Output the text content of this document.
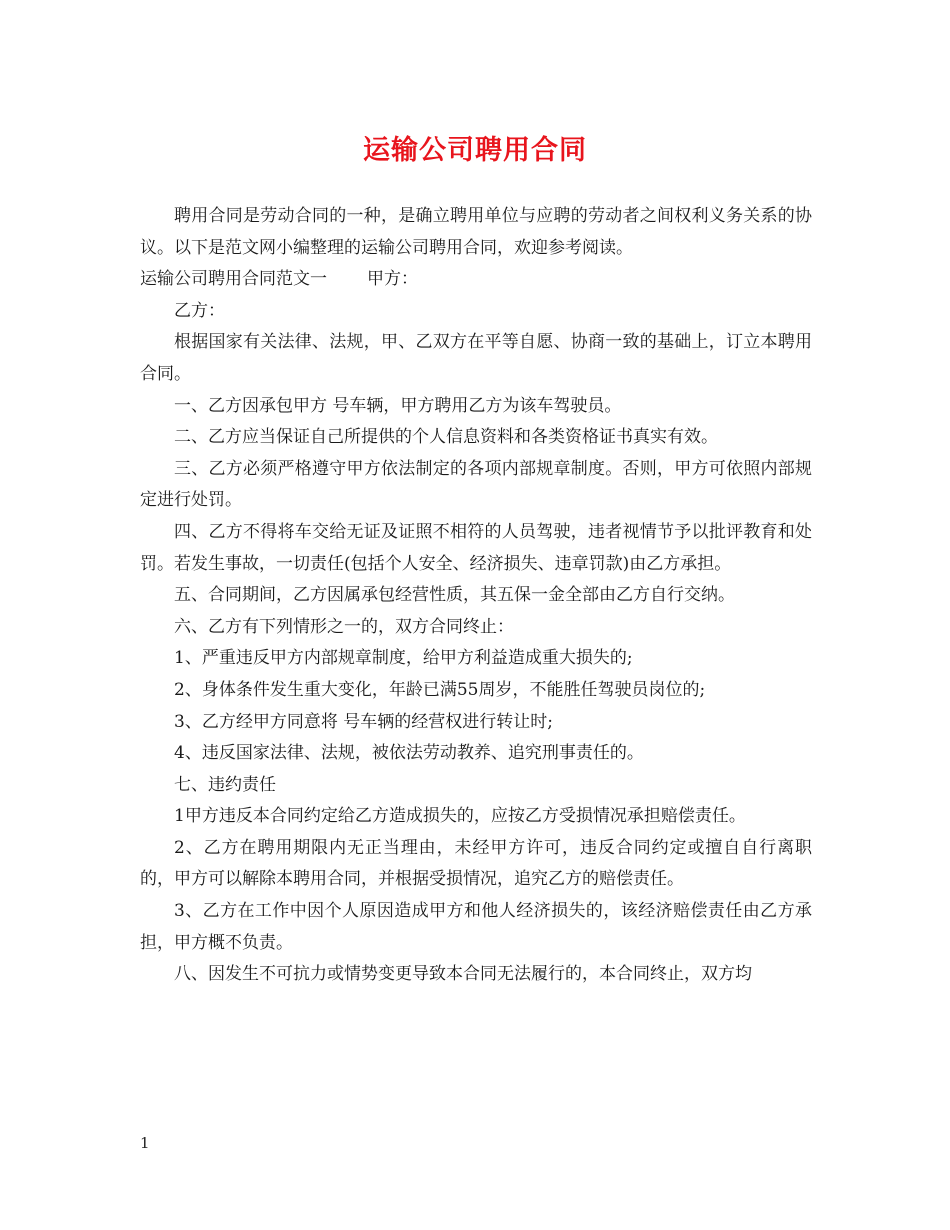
运输公司聘用合同

聘用合同是劳动合同的一种，是确立聘用单位与应聘的劳动者之间权利义务关系的协议。以下是范文网小编整理的运输公司聘用合同，欢迎参考阅读。

运输公司聘用合同范文一 甲方：

乙方：

根据国家有关法律、法规，甲、乙双方在平等自愿、协商一致的基础上，订立本聘用合同。

一、乙方因承包甲方 号车辆，甲方聘用乙方为该车驾驶员。

二、乙方应当保证自己所提供的个人信息资料和各类资格证书真实有效。

三、乙方必须严格遵守甲方依法制定的各项内部规章制度。否则，甲方可依照内部规定进行处罚。

四、乙方不得将车交给无证及证照不相符的人员驾驶，违者视情节予以批评教育和处罚。若发生事故，一切责任(包括个人安全、经济损失、违章罚款)由乙方承担。

五、合同期间，乙方因属承包经营性质，其五保一金全部由乙方自行交纳。

六、乙方有下列情形之一的，双方合同终止：

1、严重违反甲方内部规章制度，给甲方利益造成重大损失的;

2、身体条件发生重大变化，年龄已满55周岁，不能胜任驾驶员岗位的;

3、乙方经甲方同意将 号车辆的经营权进行转让时;

4、违反国家法律、法规，被依法劳动教养、追究刑事责任的。

七、违约责任

1甲方违反本合同约定给乙方造成损失的，应按乙方受损情况承担赔偿责任。

2、乙方在聘用期限内无正当理由，未经甲方许可，违反合同约定或擅自自行离职的，甲方可以解除本聘用合同，并根据受损情况，追究乙方的赔偿责任。

3、乙方在工作中因个人原因造成甲方和他人经济损失的，该经济赔偿责任由乙方承担，甲方概不负责。

八、因发生不可抗力或情势变更导致本合同无法履行的，本合同终止，双方均

1
